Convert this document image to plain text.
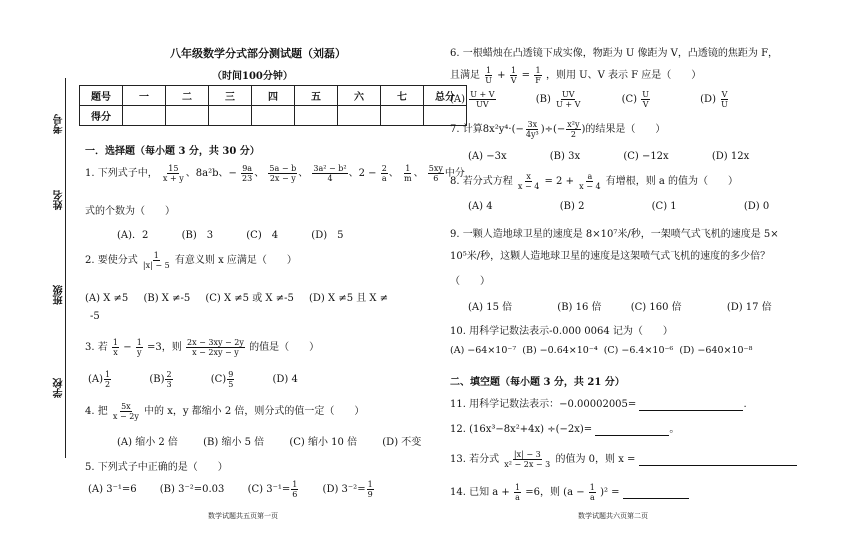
考号
姓名
班级
学校
八年级数学分式部分测试题（刘磊）
（时间100分钟）
题号	一	二	三	四	五	六	七	总分
得分								
一．选择题（每小题 3 分，共 30 分）
1. 下列式子中， $\frac{15}{x + y}$ 、8a²b、− $\frac{9a}{23}$ 、 $\frac{5a - b}{2x - y}$ 、 $\frac{\text{3a² − b²}}{4}$ 、$2 - \frac{2}{a}$ 、 $\frac{1}{m}$ 、 $\frac{5xy}{6}$ 中分
式的个数为（　　）
(A)．2	(B)　3	(C)　4	(D)　5
2. 要使分式 $\frac{1}{|x| - 5}$ 有意义则 x 应满足（　　）
(A) X ≠5 (B) X ≠-5 (C) X ≠5 或 X ≠-5 (D) X ≠5 且 X ≠
-5
3. 若 $\frac{1}{x} - \frac{1}{y} =3$，则 $\frac{2x - 3xy - 2y}{x - 2xy - y}$ 的值是（　　）
$(A) \frac{1}{2}$	$(B) \frac{2}{3}$	$(C) \frac{9}{5}$	(D) 4
4. 把 $\frac{5x}{x - 2y}$ 中的 x，y 都缩小 2 倍，则分式的值一定（　　）
(A) 缩小 2 倍	(B) 缩小 5 倍	(C) 缩小 10 倍	(D) 不变
5. 下列式子中正确的是（　　）
(A) 3⁻¹=6 (B) 3⁻²=0.03 (C) $3^{-1}= \frac{1}{6} (D)$ $3^{-2}= \frac{1}{9}$
数学试题共五页第一页
6. 一根蜡烛在凸透镜下成实像，物距为 U 像距为 V，凸透镜的焦距为 F，
且满足 $\frac{1}{U} + \frac{1}{V} = \frac{1}{F}$ ，则用 U、V 表示 F 应是（　　）
$(A) \frac{U + V}{UV}$	$(B) \frac{UV}{U + V}$	$(C) \frac{U}{V}$	$(D) \frac{V}{U}$
7. 计算$8x^2y^4\cdot(- \frac{3x}{\text{4y³}}$ )÷(− $\frac{\text{x²y}}{2}$ )的结果是（　　）
(A) −3x	(B) 3x	(C) −12x	(D) 12x
8. 若分式方程 $\frac{x}{x - 4} = 2 + \frac{a}{x - 4}$ 有增根，则 a 的值为（　　）
(A) 4	(B) 2	(C) 1	(D) 0
9. 一颗人造地球卫星的速度是 8×10⁷米/秒，一架喷气式飞机的速度是 5×
10⁵米/秒，这颗人造地球卫星的速度是这架喷气式飞机的速度的多少倍？
（　　）
(A) 15 倍	(B) 16 倍	(C) 160 倍	(D) 17 倍
10. 用科学记数法表示-0.000 0064 记为（　　）
(A) −64×10⁻⁷ (B) −0.64×10⁻⁴ (C) −6.4×10⁻⁶ (D) −640×10⁻⁸
二、填空题（每小题 3 分，共 21 分）
11. 用科学记数法表示：−0.00002005=	.
12. (16x³−8x²+4x) ÷(−2x)=	。
13. 若分式 $\frac{|x| - 3}{\text{x² − 2x − 3}}$ 的值为 0，则 x =
14. 已知 $a + \frac{1}{a} =6$，则 $(a - \frac{1}{a} )^2$ =
数学试题共六页第二页
